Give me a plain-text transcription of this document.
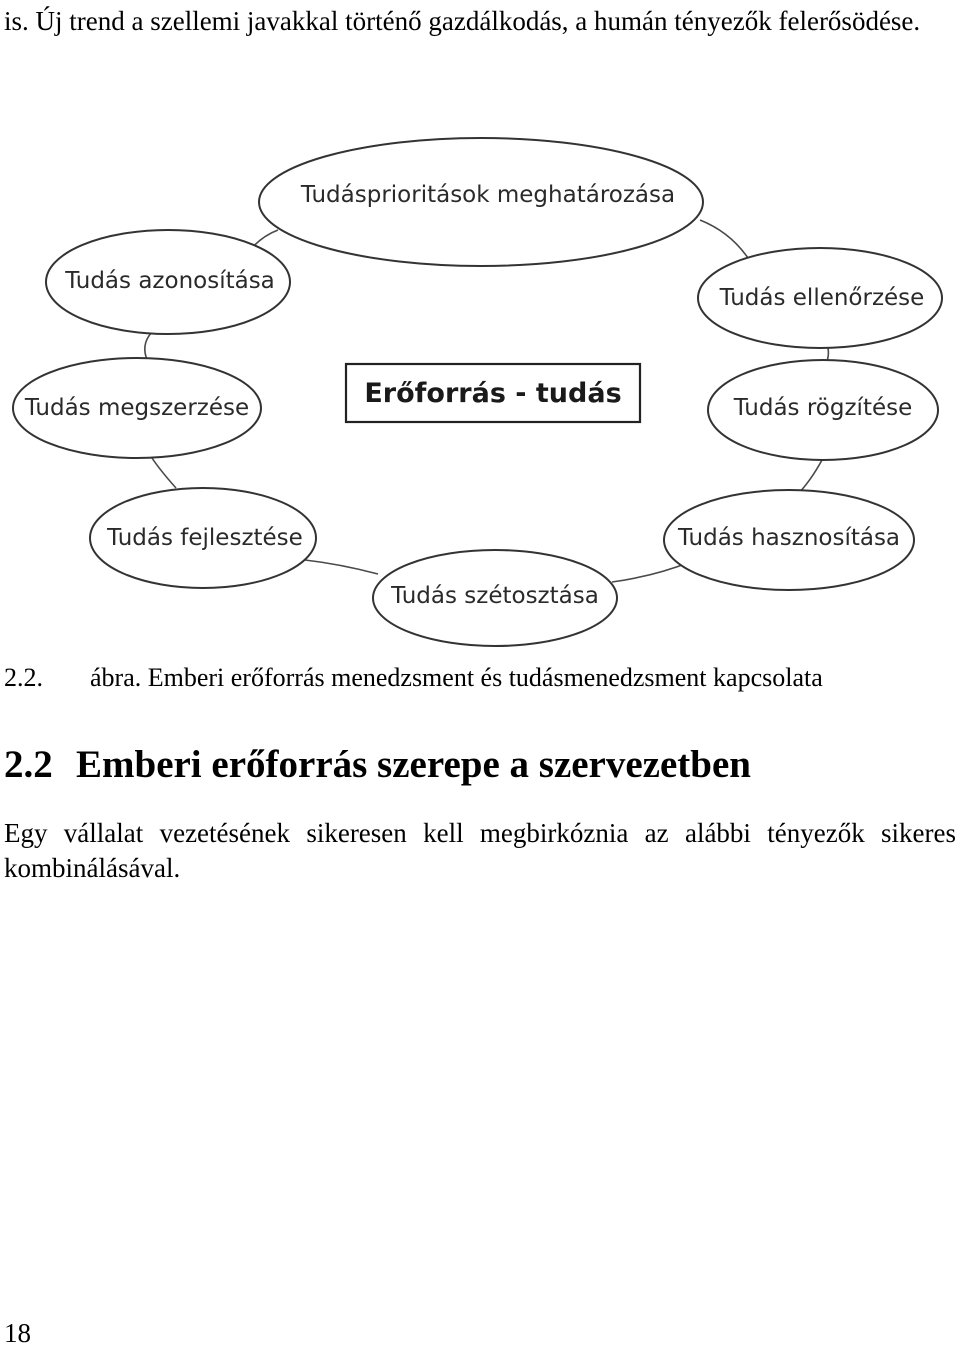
is. Új trend a szellemi javakkal történő gazdálkodás, a humán tényezők felerősödése.

Erőforrás - tudás
Tudásprioritások meghatározása
Tudás ellenőrzése
Tudás rögzítése
Tudás hasznosítása
Tudás szétosztása
Tudás fejlesztése
Tudás megszerzése
Tudás azonosítása

2.2. ábra. Emberi erőforrás menedzsment és tudásmenedzsment kapcsolata

2.2 Emberi erőforrás szerepe a szervezetben

Egy vállalat vezetésének sikeresen kell megbirkóznia az alábbi tényezők sikeres kombinálásával.

18
